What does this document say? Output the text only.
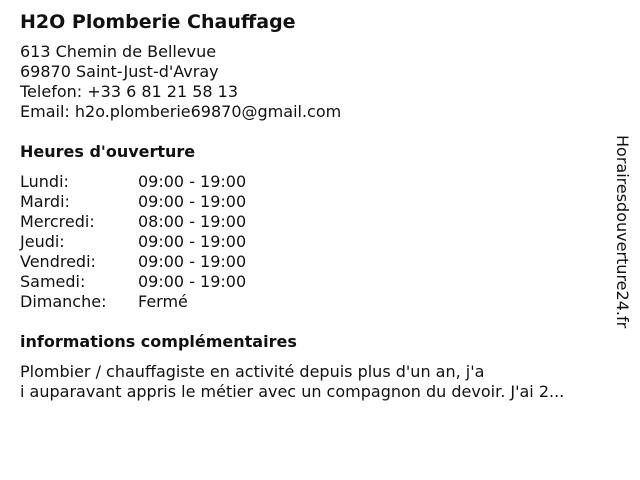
H2O Plomberie Chauffage
613 Chemin de Bellevue
69870 Saint-Just-d'Avray
Telefon: +33 6 81 21 58 13
Email: h2o.plomberie69870@gmail.com
Heures d'ouverture
Lundi:	09:00 - 19:00
Mardi:	09:00 - 19:00
Mercredi:	08:00 - 19:00
Jeudi:	09:00 - 19:00
Vendredi:	09:00 - 19:00
Samedi:	09:00 - 19:00
Dimanche:	Fermé
informations complémentaires
Plombier / chauffagiste en activité depuis plus d'un an, j'a
i auparavant appris le métier avec un compagnon du devoir. J'ai 2...
Horairesdouverture24.fr
